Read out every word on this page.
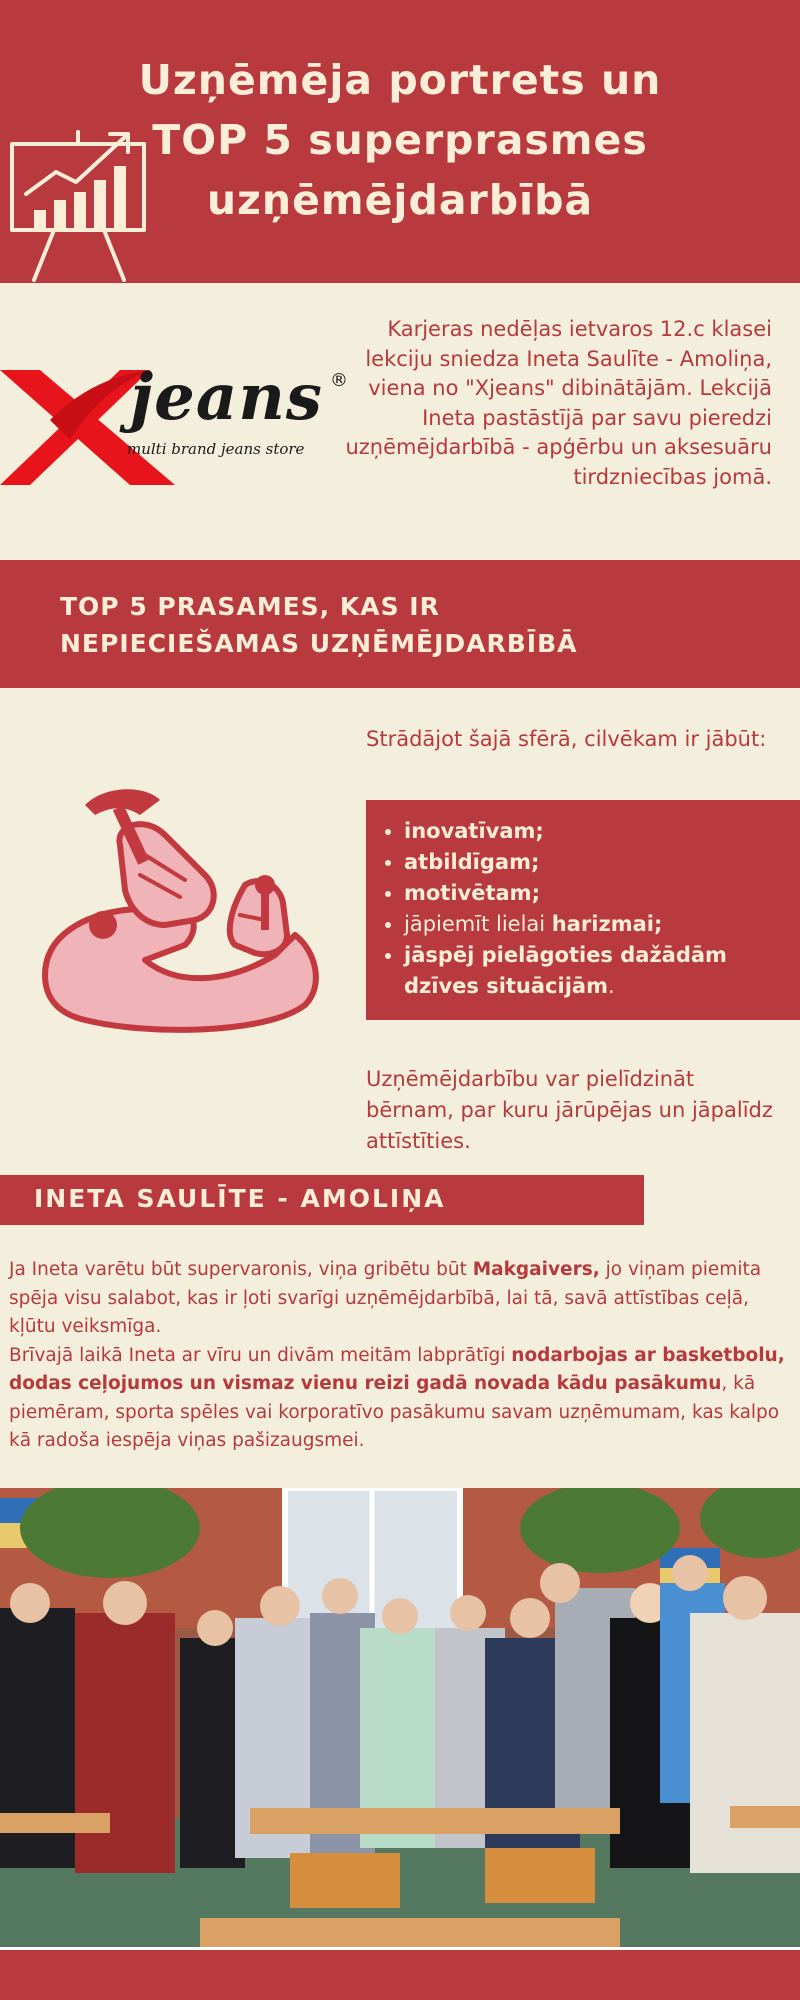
Uzņēmēja portrets un
TOP 5 superprasmes
uzņēmējdarbībā
jeans ®
multi brand jeans store
Karjeras nedēļas ietvaros 12.c klasei lekciju sniedza Ineta Saulīte - Amoliņa, viena no "Xjeans" dibinātājām. Lekcijā Ineta pastāstījā par savu pieredzi uzņēmējdarbībā - apģērbu un aksesuāru tirdzniecības jomā.
TOP 5 PRASAMES, KAS IR
NEPIECIEŠAMAS UZŅĒMĒJDARBĪBĀ
Strādājot šajā sfērā, cilvēkam ir jābūt:
• inovatīvam;
• atbildīgam;
• motivētam;
• jāpiemīt lielai harizmai;
• jāspēj pielāgoties dažādām dzīves situācijām.
Uzņēmējdarbību var pielīdzināt bērnam, par kuru jārūpējas un jāpalīdz attīstīties.
INETA SAULĪTE - AMOLIŅA

Ja Ineta varētu būt supervaronis, viņa gribētu būt Makgaivers, jo viņam piemita spēja visu salabot, kas ir ļoti svarīgi uzņēmējdarbībā, lai tā, savā attīstības ceļā, kļūtu veiksmīga.

Brīvajā laikā Ineta ar vīru un divām meitām labprātīgi nodarbojas ar basketbolu, dodas ceļojumos un vismaz vienu reizi gadā novada kādu pasākumu, kā piemēram, sporta spēles vai korporatīvo pasākumu savam uzņēmumam, kas kalpo kā radoša iespēja viņas pašizaugsmei.
